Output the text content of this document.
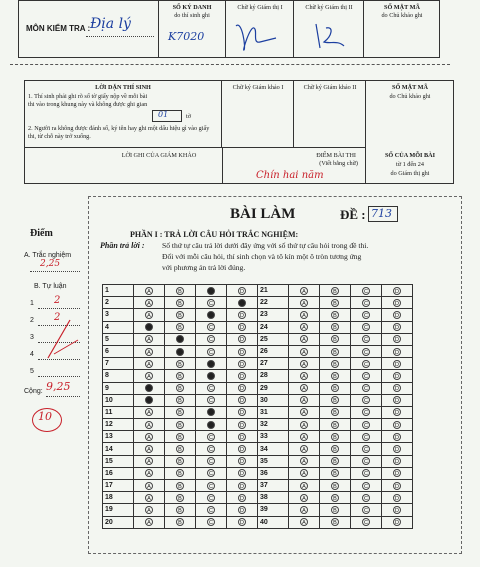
MÔN KIỂM TRA : Địa lý
SỐ KÝ DANH
do thí sinh ghi
K7020
Chữ ký Giám thị I	Chữ ký Giám thị II	SỐ MẬT MÃ
do Chủ khảo ghi
LỜI DẶN THÍ SINH
1. Thí sinh phải ghi rõ số tờ giấy nộp về mỗi bài thi vào trong khung này và không được ghi gian
01	tờ
2. Người ra không được đánh số, ký tên hay ghi một dấu hiệu gì vào giấy thi, từ chỗ này trở xuống.
Chữ ký Giám khảo I	Chữ ký Giám khảo II	SỐ MẬT MÃ
do Chủ khảo ghi
LỜI GHI CỦA GIÁM KHẢO	ĐIỂM BÀI THI
(Viết bằng chữ)
Chín hai năm
SỐ CỦA MỖI BÀI
từ 1 đến 24
do Giám thị ghi
BÀI LÀM	ĐỀ : 713
PHẦN I : TRẢ LỜI CÂU HỎI TRẮC NGHIỆM:
Phần trả lời : Số thứ tự câu trả lời dưới đây ứng với số thứ tự câu hỏi trong đề thi.
Đối với mỗi câu hỏi, thí sinh chọn và tô kín một ô tròn tương ứng
với phương án trả lời đúng.
Điểm
A. Trắc nghiệm
2,25
B. Tự luận
1 2
2 2
3
4
5
Cộng: 9,25
10
1	A	B	C	D	21	A	B	C	D
2	A	B	C	D	22	A	B	C	D
3	A	B	C	D	23	A	B	C	D
4	A	B	C	D	24	A	B	C	D
5	A	B	C	D	25	A	B	C	D
6	A	B	C	D	26	A	B	C	D
7	A	B	C	D	27	A	B	C	D
8	A	B	C	D	28	A	B	C	D
9	A	B	C	D	29	A	B	C	D
10	A	B	C	D	30	A	B	C	D
11	A	B	C	D	31	A	B	C	D
12	A	B	C	D	32	A	B	C	D
13	A	B	C	D	33	A	B	C	D
14	A	B	C	D	34	A	B	C	D
15	A	B	C	D	35	A	B	C	D
16	A	B	C	D	36	A	B	C	D
17	A	B	C	D	37	A	B	C	D
18	A	B	C	D	38	A	B	C	D
19	A	B	C	D	39	A	B	C	D
20	A	B	C	D	40	A	B	C	D
